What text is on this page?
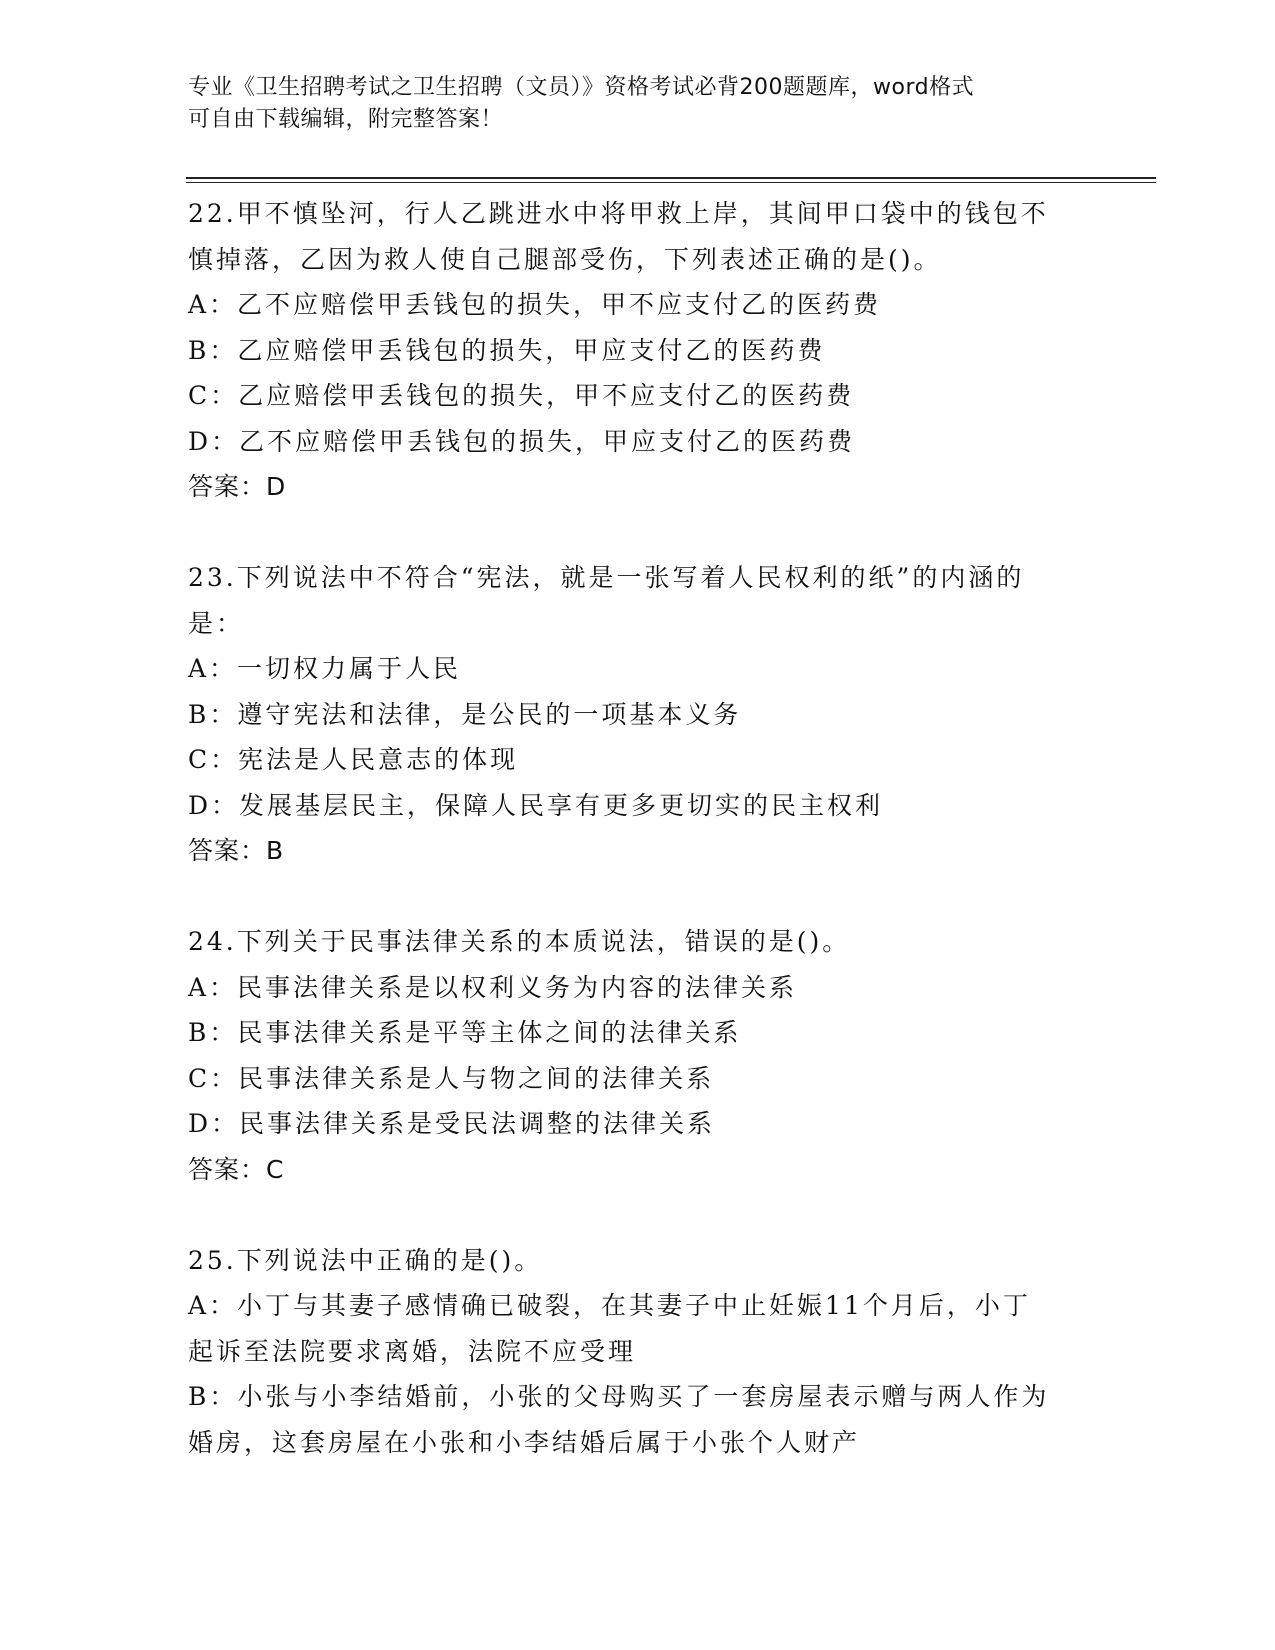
专业《卫生招聘考试之卫生招聘（文员）》资格考试必背200题题库，word格式
可自由下载编辑，附完整答案！

22.甲不慎坠河，行人乙跳进水中将甲救上岸，其间甲口袋中的钱包不

慎掉落，乙因为救人使自己腿部受伤，下列表述正确的是()。

A：乙不应赔偿甲丢钱包的损失，甲不应支付乙的医药费

B：乙应赔偿甲丢钱包的损失，甲应支付乙的医药费

C：乙应赔偿甲丢钱包的损失，甲不应支付乙的医药费

D：乙不应赔偿甲丢钱包的损失，甲应支付乙的医药费

答案：D

23.下列说法中不符合“宪法，就是一张写着人民权利的纸”的内涵的

是：

A：一切权力属于人民

B：遵守宪法和法律，是公民的一项基本义务

C：宪法是人民意志的体现

D：发展基层民主，保障人民享有更多更切实的民主权利

答案：B

24.下列关于民事法律关系的本质说法，错误的是()。

A：民事法律关系是以权利义务为内容的法律关系

B：民事法律关系是平等主体之间的法律关系

C：民事法律关系是人与物之间的法律关系

D：民事法律关系是受民法调整的法律关系

答案：C

25.下列说法中正确的是()。

A：小丁与其妻子感情确已破裂，在其妻子中止妊娠11个月后，小丁

起诉至法院要求离婚，法院不应受理

B：小张与小李结婚前，小张的父母购买了一套房屋表示赠与两人作为

婚房，这套房屋在小张和小李结婚后属于小张个人财产
